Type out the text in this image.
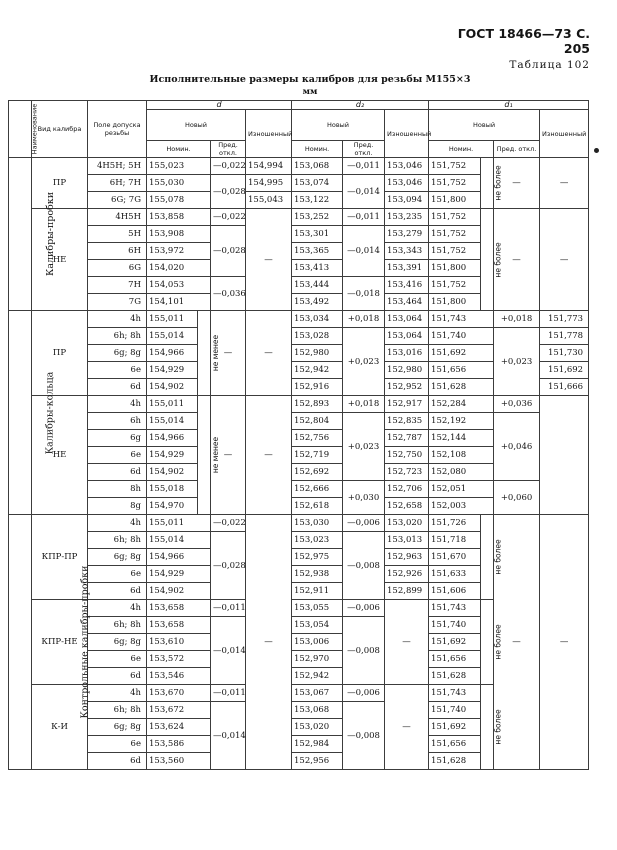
ГОСТ 18466—73 С. 205
Таблица 102
Исполнительные размеры калибров для резьбы M155×3
мм
Наименование	Вид калибра	Поле допуска резьбы	d				d₂			d₁			
			Новый			Изношенный	Новый		Изношенный	Новый			Изношенный
			Номин.		Пред. откл.		Номин.	Пред. откл.		Номин.		Пред. откл.	
Калибры-пробки	ПР	4H5H; 5H	155,023		—0,022	154,994	153,068	—0,011	153,046	151,752	не более	—	—
		6H; 7H	155,030		—0,028	154,995	153,074	—0,014	153,046	151,752			
		6G; 7G	155,078			155,043	153,122		153,094	151,800			
	НЕ	4H5H	153,858		—0,022	—	153,252	—0,011	153,235	151,752	не более	—	—
		5H	153,908		—0,028		153,301	—0,014	153,279	151,752			
		6H	153,972				153,365		153,343	151,752			
		6G	154,020				153,413		153,391	151,800			
		7H	154,053		—0,036		153,444	—0,018	153,416	151,752			
		7G	154,101				153,492		153,464	151,800			
Калибры-кольца	ПР	4h	155,011	не менее	—	—	153,034	+0,018	153,064	151,743		+0,018	151,773
		6h; 8h	155,014				153,028	+0,023	153,064	151,740		+0,023	151,778
		6g; 8g	154,966				152,980		153,016	151,692			151,730
		6e	154,929				152,942		152,980	151,656			151,692
		6d	154,902				152,916		152,952	151,628			151,666
	НЕ	4h	155,011	не менее	—	—	152,893	+0,018	152,917	152,284		+0,036	
		6h	155,014				152,804	+0,023	152,835	152,192		+0,046	
		6g	154,966				152,756		152,787	152,144			
		6e	154,929				152,719		152,750	152,108			
		6d	154,902				152,692		152,723	152,080			
		8h	155,018				152,666	+0,030	152,706	152,051		+0,060	
		8g	154,970				152,618		152,658	152,003			
Контрольные калибры-пробки	КПР-ПР	4h	155,011		—0,022	—	153,030	—0,006	153,020	151,726	не более	—	—
		6h; 8h	155,014		—0,028		153,023	—0,008	153,013	151,718			
		6g; 8g	154,966				152,975		152,963	151,670			
		6e	154,929				152,938		152,926	151,633			
		6d	154,902				152,911		152,899	151,606			
	КПР-НЕ	4h	153,658		—0,011		153,055	—0,006	—	151,743	не более		
		6h; 8h	153,658		—0,014		153,054	—0,008		151,740			
		6g; 8g	153,610				153,006			151,692			
		6e	153,572				152,970			151,656			
		6d	153,546				152,942			151,628			
	К-И	4h	153,670		—0,011		153,067	—0,006	—	151,743	не более		
		6h; 8h	153,672		—0,014		153,068	—0,008		151,740			
		6g; 8g	153,624				153,020			151,692			
		6e	153,586				152,984			151,656			
		6d	153,560				152,956			151,628			
